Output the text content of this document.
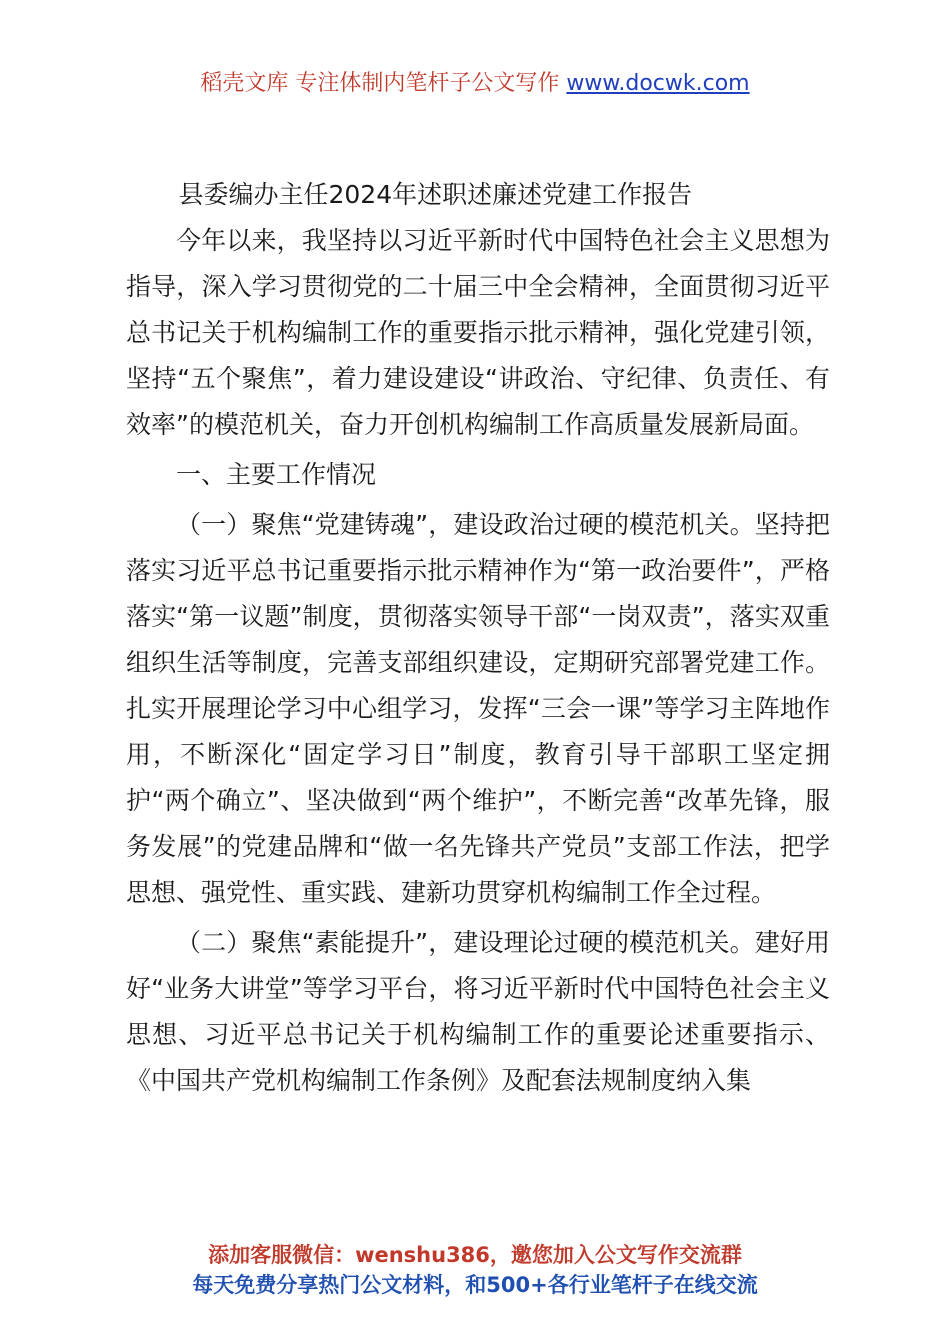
稻壳文库 专注体制内笔杆子公文写作 www.docwk.com

县委编办主任2024年述职述廉述党建工作报告

今年以来，我坚持以习近平新时代中国特色社会主义思想为指导，深入学习贯彻党的二十届三中全会精神，全面贯彻习近平总书记关于机构编制工作的重要指示批示精神，强化党建引领，坚持“五个聚焦”，着力建设建设“讲政治、守纪律、负责任、有效率”的模范机关，奋力开创机构编制工作高质量发展新局面。

一、主要工作情况

（一）聚焦“党建铸魂”，建设政治过硬的模范机关。坚持把落实习近平总书记重要指示批示精神作为“第一政治要件”，严格落实“第一议题”制度，贯彻落实领导干部“一岗双责”，落实双重组织生活等制度，完善支部组织建设，定期研究部署党建工作。扎实开展理论学习中心组学习，发挥“三会一课”等学习主阵地作用，不断深化“固定学习日”制度，教育引导干部职工坚定拥护“两个确立”、坚决做到“两个维护”，不断完善“改革先锋，服务发展”的党建品牌和“做一名先锋共产党员”支部工作法，把学思想、强党性、重实践、建新功贯穿机构编制工作全过程。

（二）聚焦“素能提升”，建设理论过硬的模范机关。建好用好“业务大讲堂”等学习平台，将习近平新时代中国特色社会主义思想、习近平总书记关于机构编制工作的重要论述重要指示、《中国共产党机构编制工作条例》及配套法规制度纳入集

添加客服微信：wenshu386，邀您加入公文写作交流群
每天免费分享热门公文材料，和500+各行业笔杆子在线交流
